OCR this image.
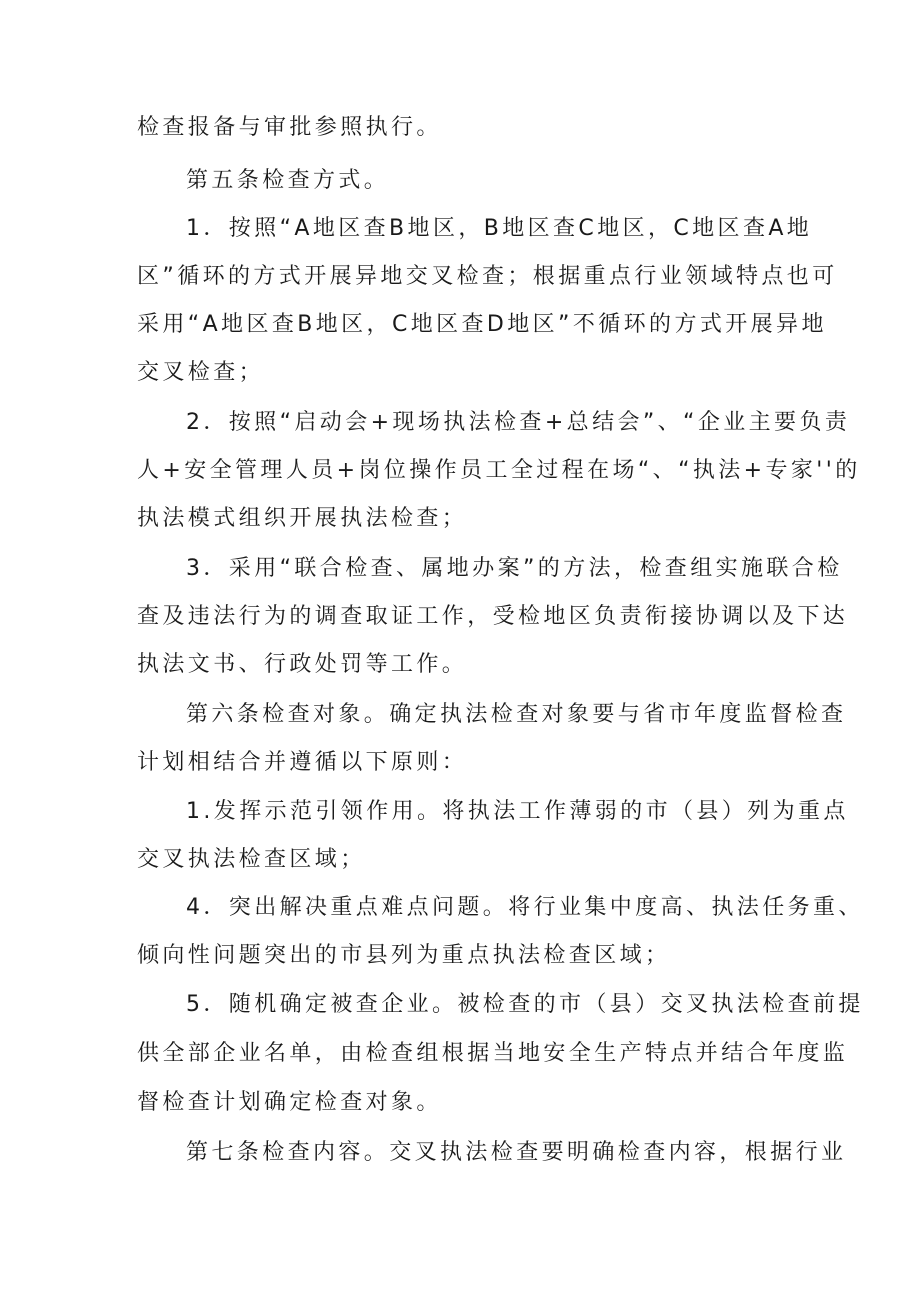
检查报备与审批参照执行。
第五条检查方式。
1．按照“A地区查B地区，B地区查C地区，C地区查A地
区”循环的方式开展异地交叉检查；根据重点行业领域特点也可
采用“A地区查B地区，C地区查D地区”不循环的方式开展异地
交叉检查；
2．按照“启动会+现场执法检查+总结会”、“企业主要负责
人+安全管理人员+岗位操作员工全过程在场“、“执法+专家''的
执法模式组织开展执法检查；
3．采用“联合检查、属地办案”的方法，检查组实施联合检
查及违法行为的调查取证工作，受检地区负责衔接协调以及下达
执法文书、行政处罚等工作。
第六条检查对象。确定执法检查对象要与省市年度监督检查
计划相结合并遵循以下原则：
1.发挥示范引领作用。将执法工作薄弱的市（县）列为重点
交叉执法检查区域；
4．突出解决重点难点问题。将行业集中度高、执法任务重、
倾向性问题突出的市县列为重点执法检查区域；
5．随机确定被查企业。被检查的市（县）交叉执法检查前提
供全部企业名单，由检查组根据当地安全生产特点并结合年度监
督检查计划确定检查对象。
第七条检查内容。交叉执法检查要明确检查内容，根据行业
